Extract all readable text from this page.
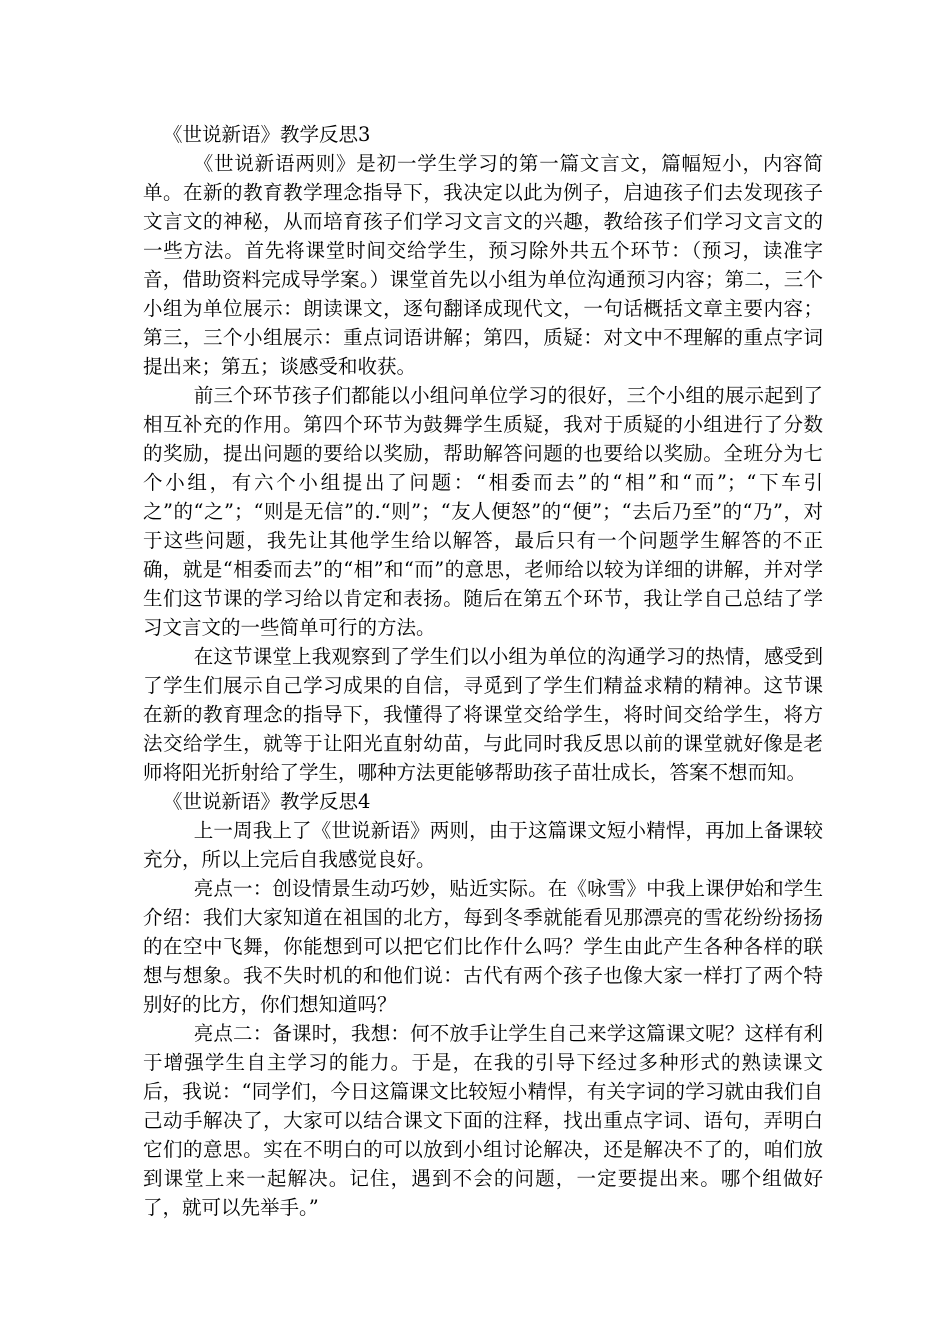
《世说新语》教学反思3

《世说新语两则》是初一学生学习的第一篇文言文，篇幅短小，内容简单。在新的教育教学理念指导下，我决定以此为例子，启迪孩子们去发现孩子文言文的神秘，从而培育孩子们学习文言文的兴趣，教给孩子们学习文言文的一些方法。首先将课堂时间交给学生，预习除外共五个环节：（预习，读准字音，借助资料完成导学案。）课堂首先以小组为单位沟通预习内容；第二，三个小组为单位展示：朗读课文，逐句翻译成现代文，一句话概括文章主要内容；第三，三个小组展示：重点词语讲解；第四，质疑：对文中不理解的重点字词提出来；第五；谈感受和收获。

前三个环节孩子们都能以小组问单位学习的很好，三个小组的展示起到了相互补充的作用。第四个环节为鼓舞学生质疑，我对于质疑的小组进行了分数的奖励，提出问题的要给以奖励，帮助解答问题的也要给以奖励。全班分为七个小组，有六个小组提出了问题：“相委而去”的“相”和“而”；“下车引之”的“之”；“则是无信”的.“则”；“友人便怒”的“便”；“去后乃至”的“乃”，对于这些问题，我先让其他学生给以解答，最后只有一个问题学生解答的不正确，就是“相委而去”的“相”和“而”的意思，老师给以较为详细的讲解，并对学生们这节课的学习给以肯定和表扬。随后在第五个环节，我让学自己总结了学习文言文的一些简单可行的方法。

在这节课堂上我观察到了学生们以小组为单位的沟通学习的热情，感受到了学生们展示自己学习成果的自信，寻觅到了学生们精益求精的精神。这节课在新的教育理念的指导下，我懂得了将课堂交给学生，将时间交给学生，将方法交给学生，就等于让阳光直射幼苗，与此同时我反思以前的课堂就好像是老师将阳光折射给了学生，哪种方法更能够帮助孩子苗壮成长，答案不想而知。

《世说新语》教学反思4

上一周我上了《世说新语》两则，由于这篇课文短小精悍，再加上备课较充分，所以上完后自我感觉良好。

亮点一：创设情景生动巧妙，贴近实际。在《咏雪》中我上课伊始和学生介绍：我们大家知道在祖国的北方，每到冬季就能看见那漂亮的雪花纷纷扬扬的在空中飞舞，你能想到可以把它们比作什么吗？学生由此产生各种各样的联想与想象。我不失时机的和他们说：古代有两个孩子也像大家一样打了两个特别好的比方，你们想知道吗？

亮点二：备课时，我想：何不放手让学生自己来学这篇课文呢？这样有利于增强学生自主学习的能力。于是，在我的引导下经过多种形式的熟读课文后，我说：“同学们，今日这篇课文比较短小精悍，有关字词的学习就由我们自己动手解决了，大家可以结合课文下面的注释，找出重点字词、语句，弄明白它们的意思。实在不明白的可以放到小组讨论解决，还是解决不了的，咱们放到课堂上来一起解决。记住，遇到不会的问题，一定要提出来。哪个组做好了，就可以先举手。”
